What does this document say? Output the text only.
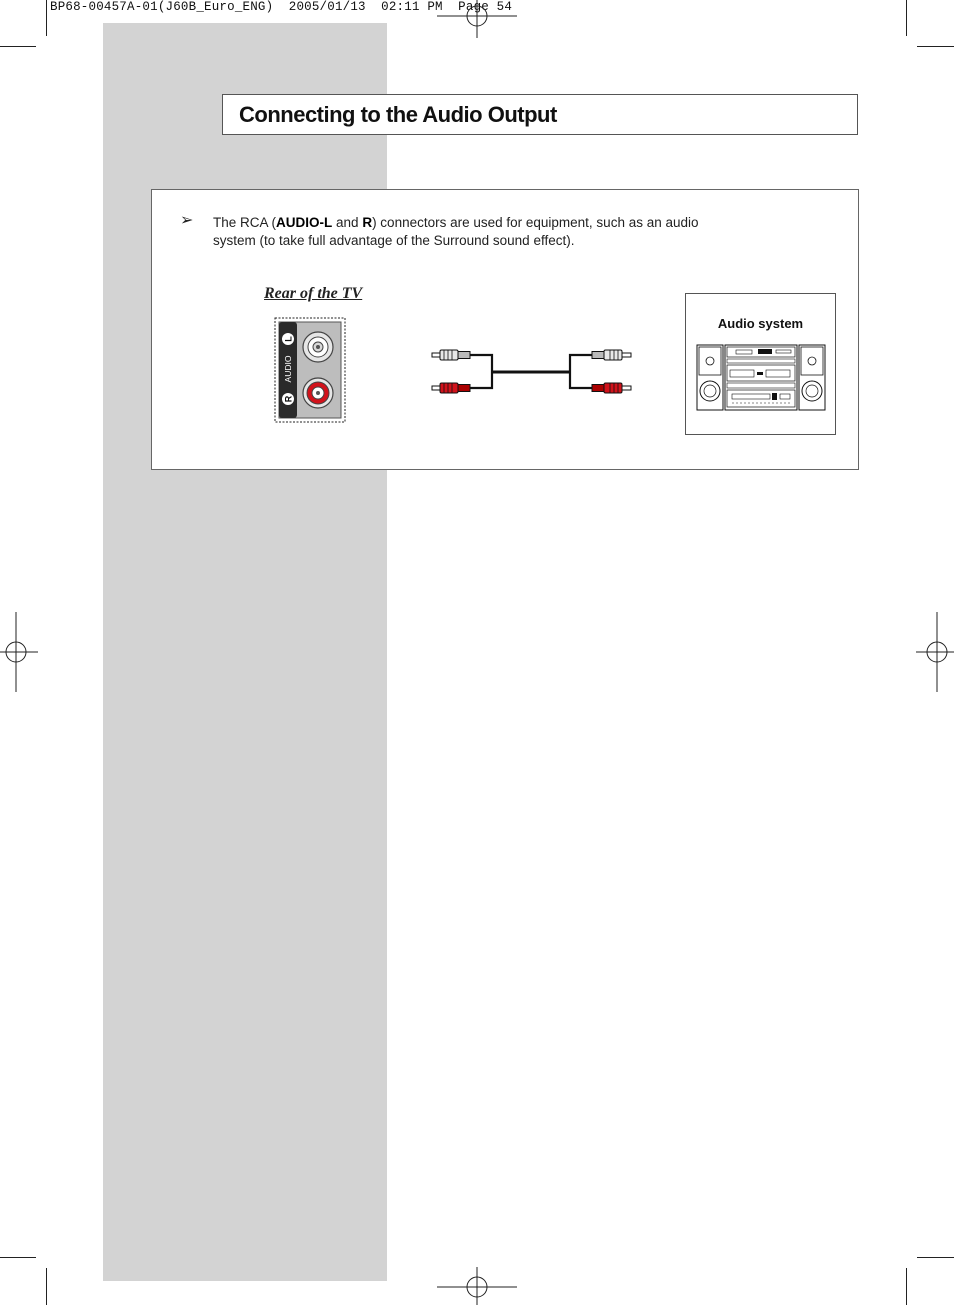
BP68-00457A-01(J60B_Euro_ENG)  2005/01/13  02:11 PM  Page 54
Connecting to the Audio Output
➢ The RCA (AUDIO-L and R) connectors are used for equipment, such as an audio system (to take full advantage of the Surround sound effect).
Rear of the TV
R
L
AUDIO
Audio system
